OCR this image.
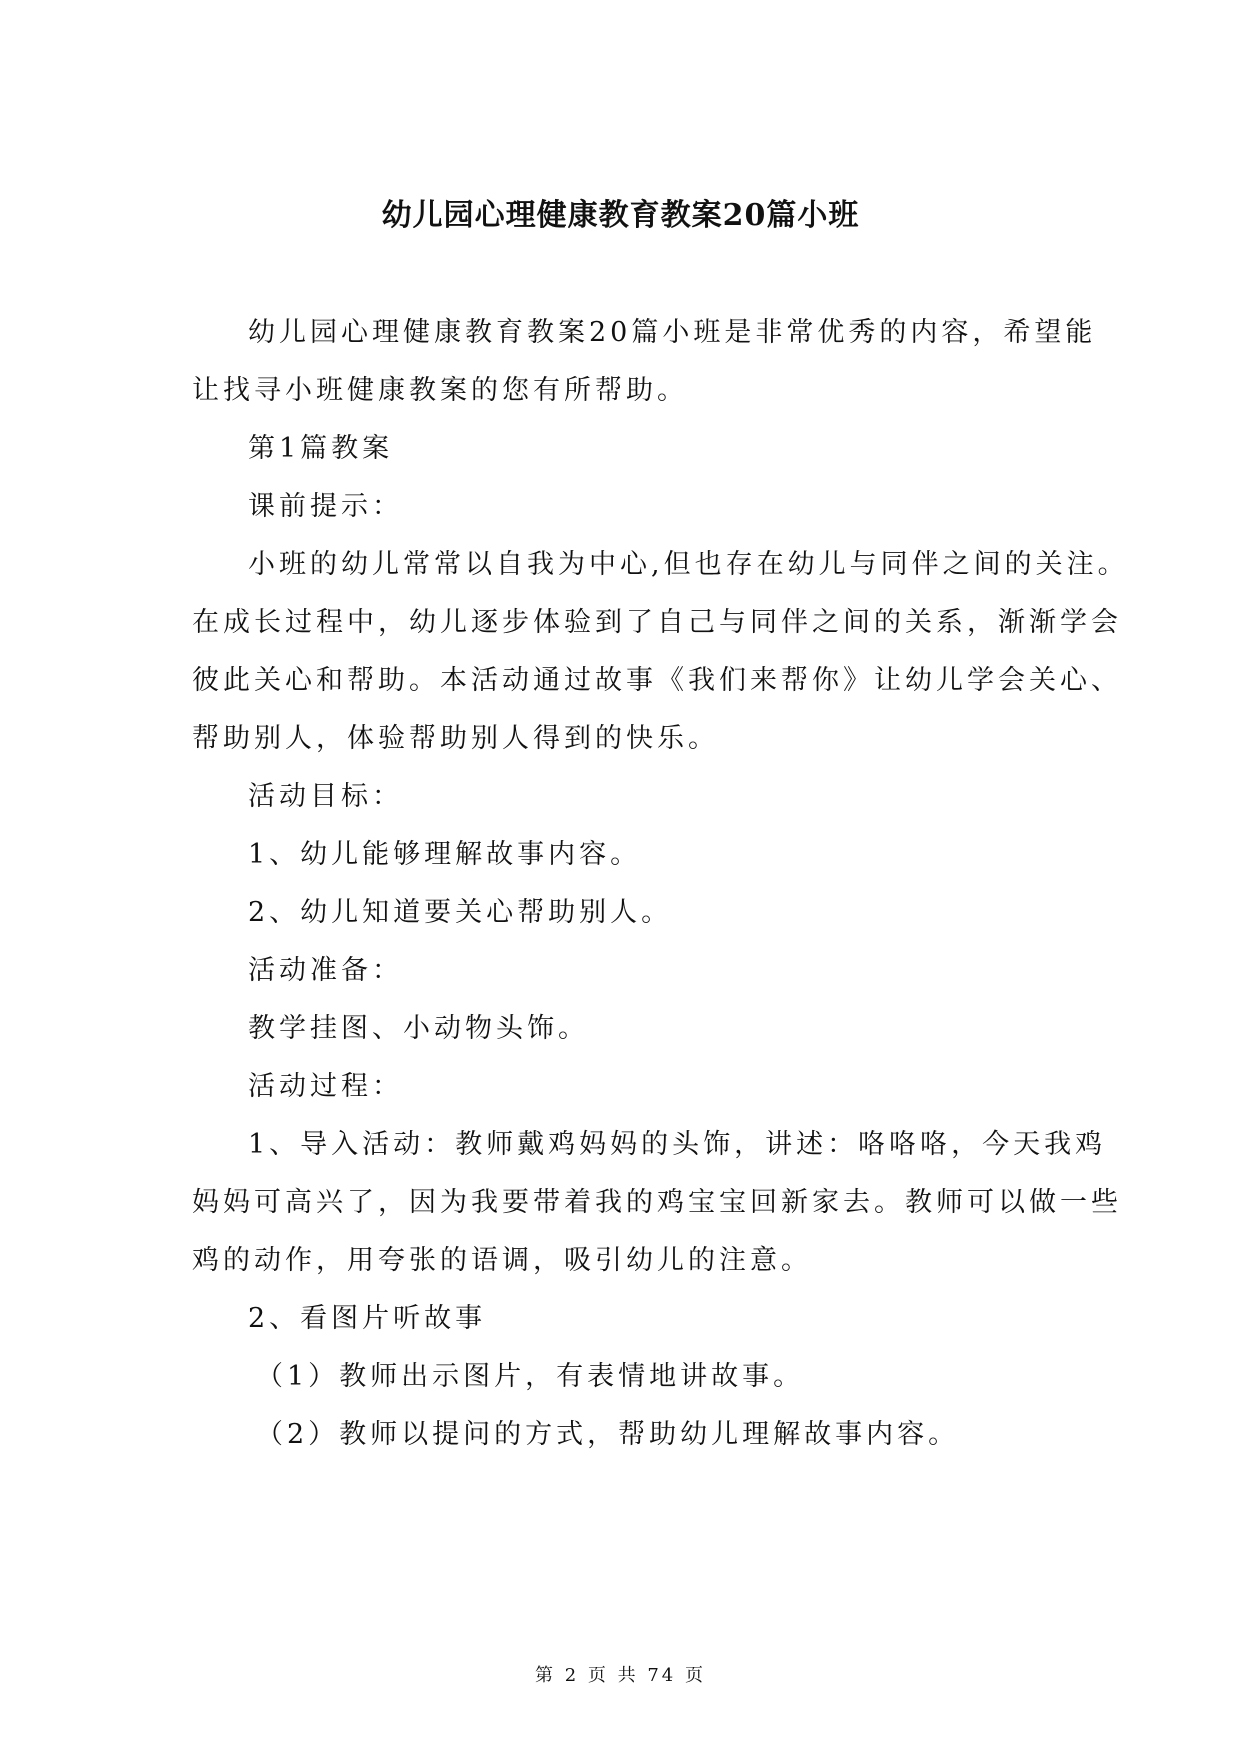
幼儿园心理健康教育教案20篇小班
幼儿园心理健康教育教案20篇小班是非常优秀的内容，希望能
让找寻小班健康教案的您有所帮助。
第1篇教案
课前提示：
小班的幼儿常常以自我为中心,但也存在幼儿与同伴之间的关注。
在成长过程中，幼儿逐步体验到了自己与同伴之间的关系，渐渐学会
彼此关心和帮助。本活动通过故事《我们来帮你》让幼儿学会关心、
帮助别人，体验帮助别人得到的快乐。
活动目标：
1、幼儿能够理解故事内容。
2、幼儿知道要关心帮助别人。
活动准备：
教学挂图、小动物头饰。
活动过程：
1、导入活动：教师戴鸡妈妈的头饰，讲述：咯咯咯，今天我鸡
妈妈可高兴了，因为我要带着我的鸡宝宝回新家去。教师可以做一些
鸡的动作，用夸张的语调，吸引幼儿的注意。
2、看图片听故事
（1）教师出示图片，有表情地讲故事。
（2）教师以提问的方式，帮助幼儿理解故事内容。
第 2 页 共 74 页
